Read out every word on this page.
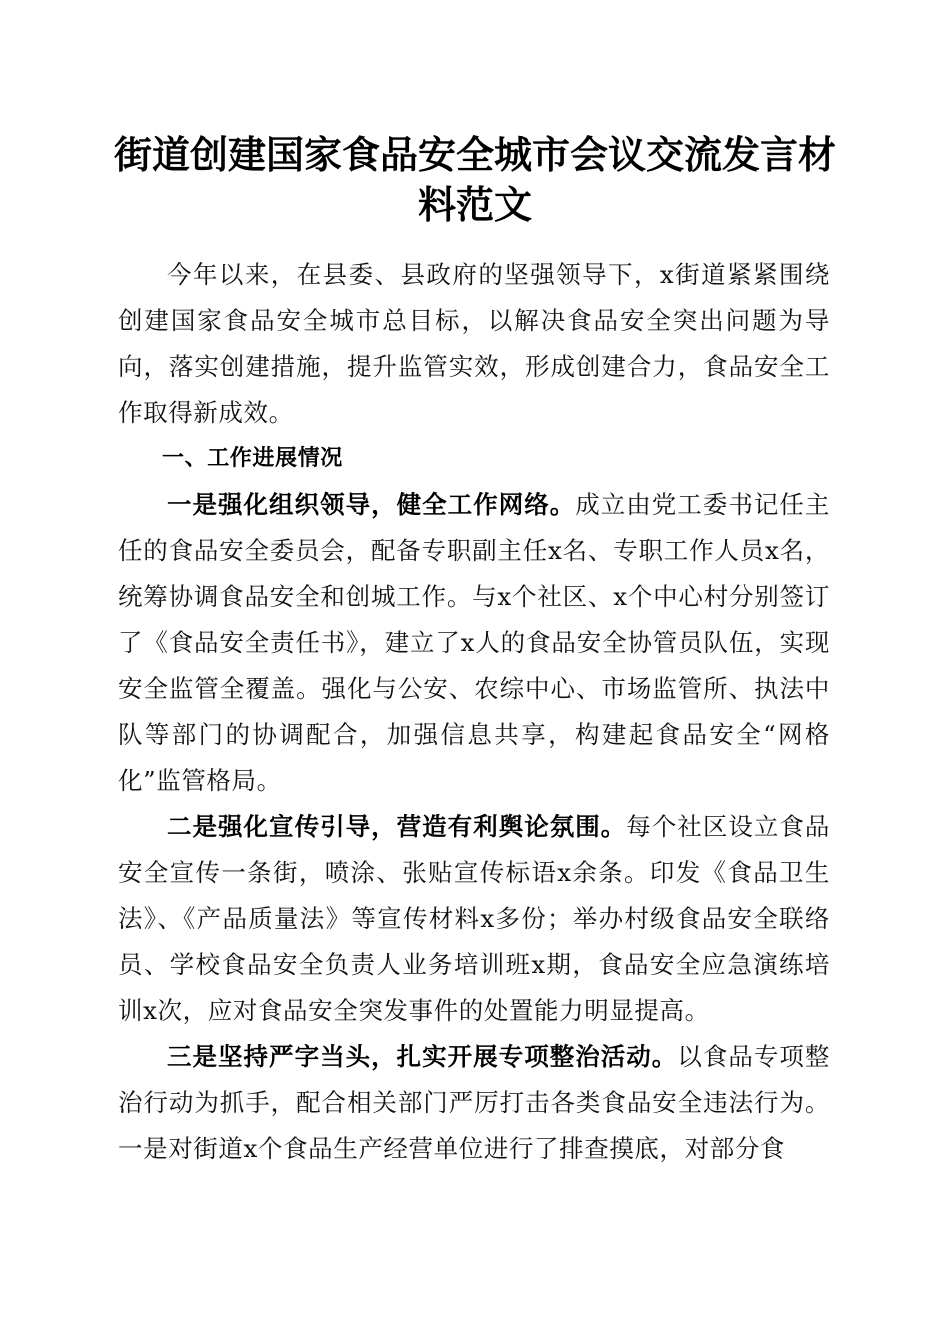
街道创建国家食品安全城市会议交流发言材料范文

今年以来，在县委、县政府的坚强领导下，x街道紧紧围绕创建国家食品安全城市总目标，以解决食品安全突出问题为导向，落实创建措施，提升监管实效，形成创建合力，食品安全工作取得新成效。

一、工作进展情况

一是强化组织领导，健全工作网络。成立由党工委书记任主任的食品安全委员会，配备专职副主任x名、专职工作人员x名，统筹协调食品安全和创城工作。与x个社区、x个中心村分别签订了《食品安全责任书》，建立了x人的食品安全协管员队伍，实现安全监管全覆盖。强化与公安、农综中心、市场监管所、执法中队等部门的协调配合，加强信息共享，构建起食品安全“网格化”监管格局。

二是强化宣传引导，营造有利舆论氛围。每个社区设立食品安全宣传一条街，喷涂、张贴宣传标语x余条。印发《食品卫生法》、《产品质量法》等宣传材料x多份；举办村级食品安全联络员、学校食品安全负责人业务培训班x期，食品安全应急演练培训x次，应对食品安全突发事件的处置能力明显提高。

三是坚持严字当头，扎实开展专项整治活动。以食品专项整治行动为抓手，配合相关部门严厉打击各类食品安全违法行为。一是对街道x个食品生产经营单位进行了排查摸底，对部分食
